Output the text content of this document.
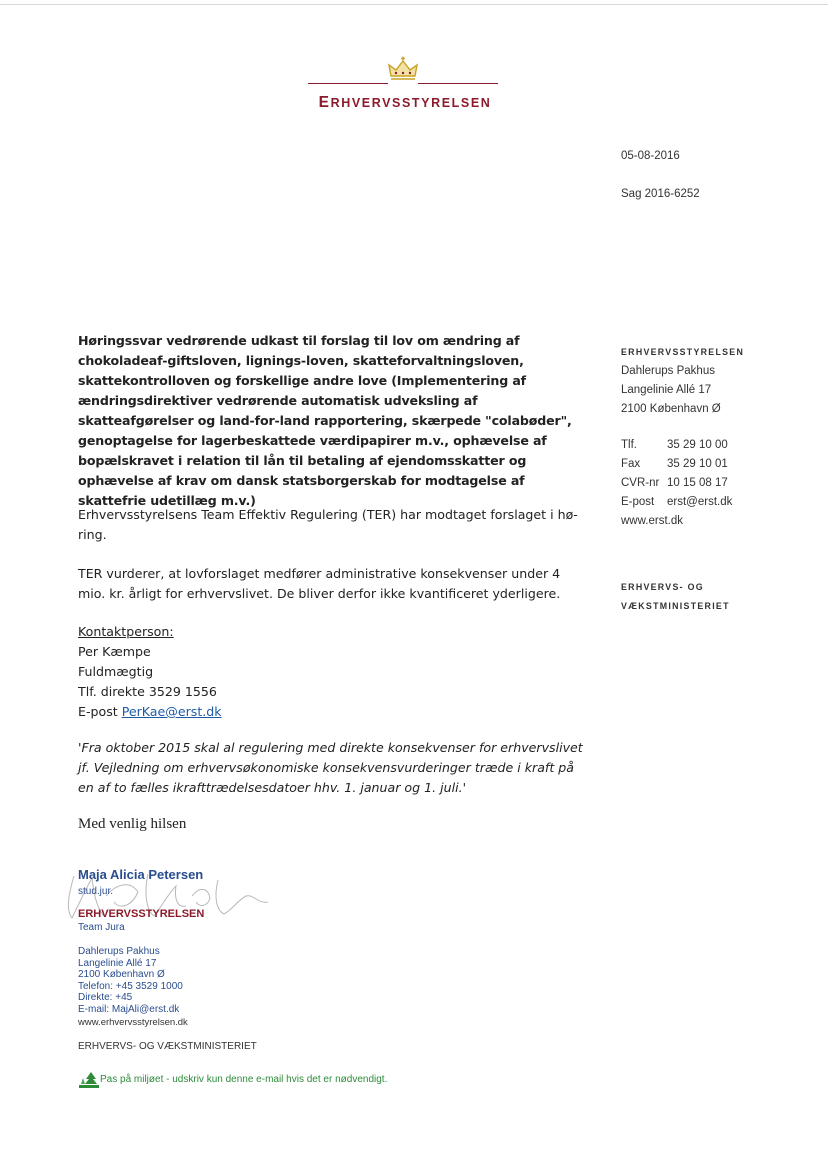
ERHVERVSSTYRELSEN
05-08-2016
Sag 2016-6252

Høringssvar vedrørende udkast til forslag til lov om ændring af chokoladeaf-giftsloven, lignings-loven, skatteforvaltningsloven, skattekontrolloven og forskellige andre love (Implementering af ændringsdirektiver vedrørende automatisk udveksling af skatteafgørelser og land-for-land rapportering, skærpede "colabøder", genoptagelse for lagerbeskattede værdipapirer m.v., ophævelse af bopælskravet i relation til lån til betaling af ejendomsskatter og ophævelse af krav om dansk statsborgerskab for modtagelse af skattefrie udetillæg m.v.)

Erhvervsstyrelsens Team Effektiv Regulering (TER) har modtaget forslaget i hø-ring.

TER vurderer, at lovforslaget medfører administrative konsekvenser under 4 mio. kr. årligt for erhvervslivet. De bliver derfor ikke kvantificeret yderligere.

Kontaktperson:
Per Kæmpe
Fuldmægtig
Tlf. direkte 3529 1556
E-post PerKae@erst.dk

'Fra oktober 2015 skal al regulering med direkte konsekvenser for erhvervslivet jf. Vejledning om erhvervsøkonomiske konsekvensvurderinger træde i kraft på en af to fælles ikrafttrædelsesdatoer hhv. 1. januar og 1. juli.'

Med venlig hilsen
ERHVERVSSTYRELSEN
Dahlerups Pakhus
Langelinie Allé 17
2100 København Ø
Tlf.	35 29 10 00
Fax	35 29 10 01
CVR-nr	10 15 08 17
E-post	erst@erst.dk
www.erst.dk
ERHVERVS- OG
VÆKSTMINISTERIET
Maja Alicia Petersen
stud.jur.
ERHVERVSSTYRELSEN
Team Jura
Dahlerups Pakhus
Langelinie Allé 17
2100 København Ø
Telefon: +45 3529 1000
Direkte: +45
E-mail: MajAli@erst.dk
www.erhvervsstyrelsen.dk
ERHVERVS- OG VÆKSTMINISTERIET
Pas på miljøet - udskriv kun denne e-mail hvis det er nødvendigt.
